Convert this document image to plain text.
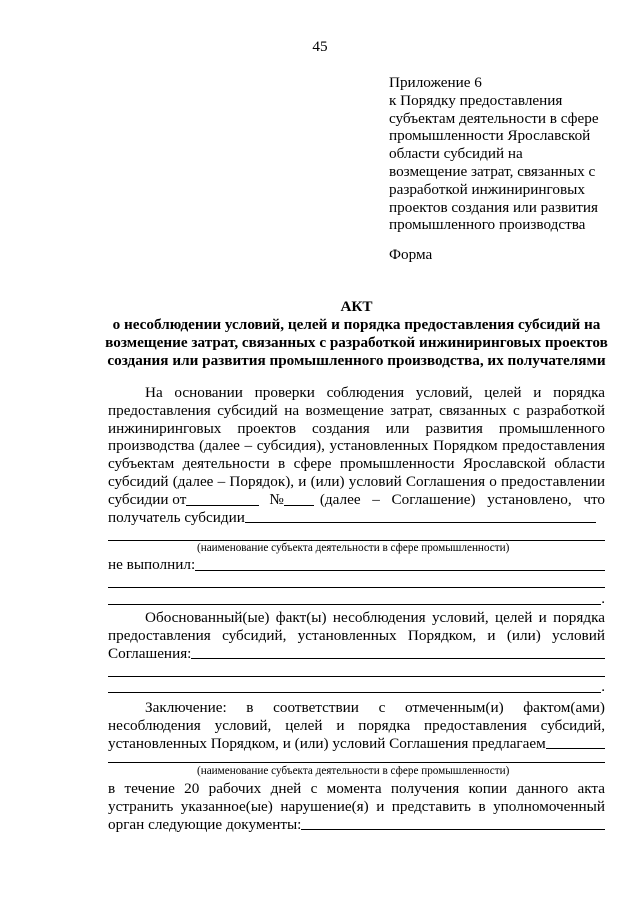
45
Приложение 6
к Порядку предоставления
субъектам деятельности в сфере
промышленности Ярославской
области субсидий на
возмещение затрат, связанных с
разработкой инжиниринговых
проектов создания или развития
промышленного производства
Форма
АКТ
о несоблюдении условий, целей и порядка предоставления субсидий на
возмещение затрат, связанных с разработкой инжиниринговых проектов
создания или развития промышленного производства, их получателями
На основании проверки соблюдения условий, целей и порядка
предоставления субсидий на возмещение затрат, связанных с разработкой
инжиниринговых проектов создания или развития промышленного
производства (далее – субсидия), установленных Порядком предоставления
субъектам деятельности в сфере промышленности Ярославской области
субсидий (далее – Порядок), и (или) условий Соглашения о предоставлении
субсидии от	№ (далее – Соглашение) установлено, что
получатель субсидии
(наименование субъекта деятельности в сфере промышленности)
не выполнил:
.
Обоснованный(ые) факт(ы) несоблюдения условий, целей и порядка
предоставления субсидий, установленных Порядком, и (или) условий
Соглашения:
.
Заключение: в соответствии с отмеченным(и) фактом(ами)
несоблюдения условий, целей и порядка предоставления субсидий,
установленных Порядком, и (или) условий Соглашения предлагаем
(наименование субъекта деятельности в сфере промышленности)
в течение 20 рабочих дней с момента получения копии данного акта
устранить указанное(ые) нарушение(я) и представить в уполномоченный
орган следующие документы:
